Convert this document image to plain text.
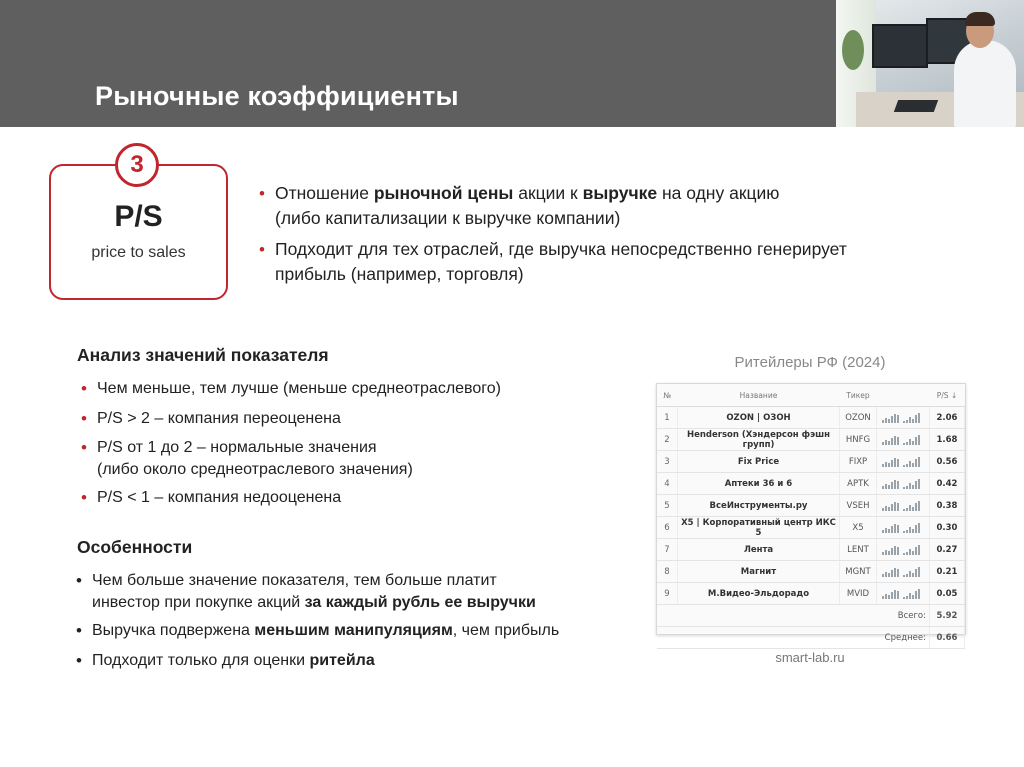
Рыночные коэффициенты
3
P/S
price to sales
• Отношение рыночной цены акции к выручке на одну акцию
(либо капитализации к выручке компании)
• Подходит для тех отраслей, где выручка непосредственно генерирует
прибыль (например, торговля)
Анализ значений показателя
• Чем меньше, тем лучше (меньше среднеотраслевого)
• P/S > 2 – компания переоценена
• P/S от 1 до 2 – нормальные значения
(либо около среднеотраслевого значения)
• P/S < 1 – компания недооценена
Особенности
• Чем больше значение показателя, тем больше платит
инвестор при покупке акций за каждый рубль ее выручки
• Выручка подвержена меньшим манипуляциям, чем прибыль
• Подходит только для оценки ритейла
Ритейлеры РФ (2024)
№	Название	Тикер		P/S ↓
1	OZON | ОЗОН	OZON		2.06
2	Henderson (Хэндерсон фэшн групп)	HNFG		1.68
3	Fix Price	FIXP		0.56
4	Аптеки 36 и 6	APTK		0.42
5	ВсеИнструменты.ру	VSEH		0.38
6	X5 | Корпоративный центр ИКС 5	X5		0.30
7	Лента	LENT		0.27
8	Магнит	MGNT		0.21
9	М.Видео-Эльдорадо	MVID		0.05
Всего:				5.92
Среднее:				0.66
smart-lab.ru
